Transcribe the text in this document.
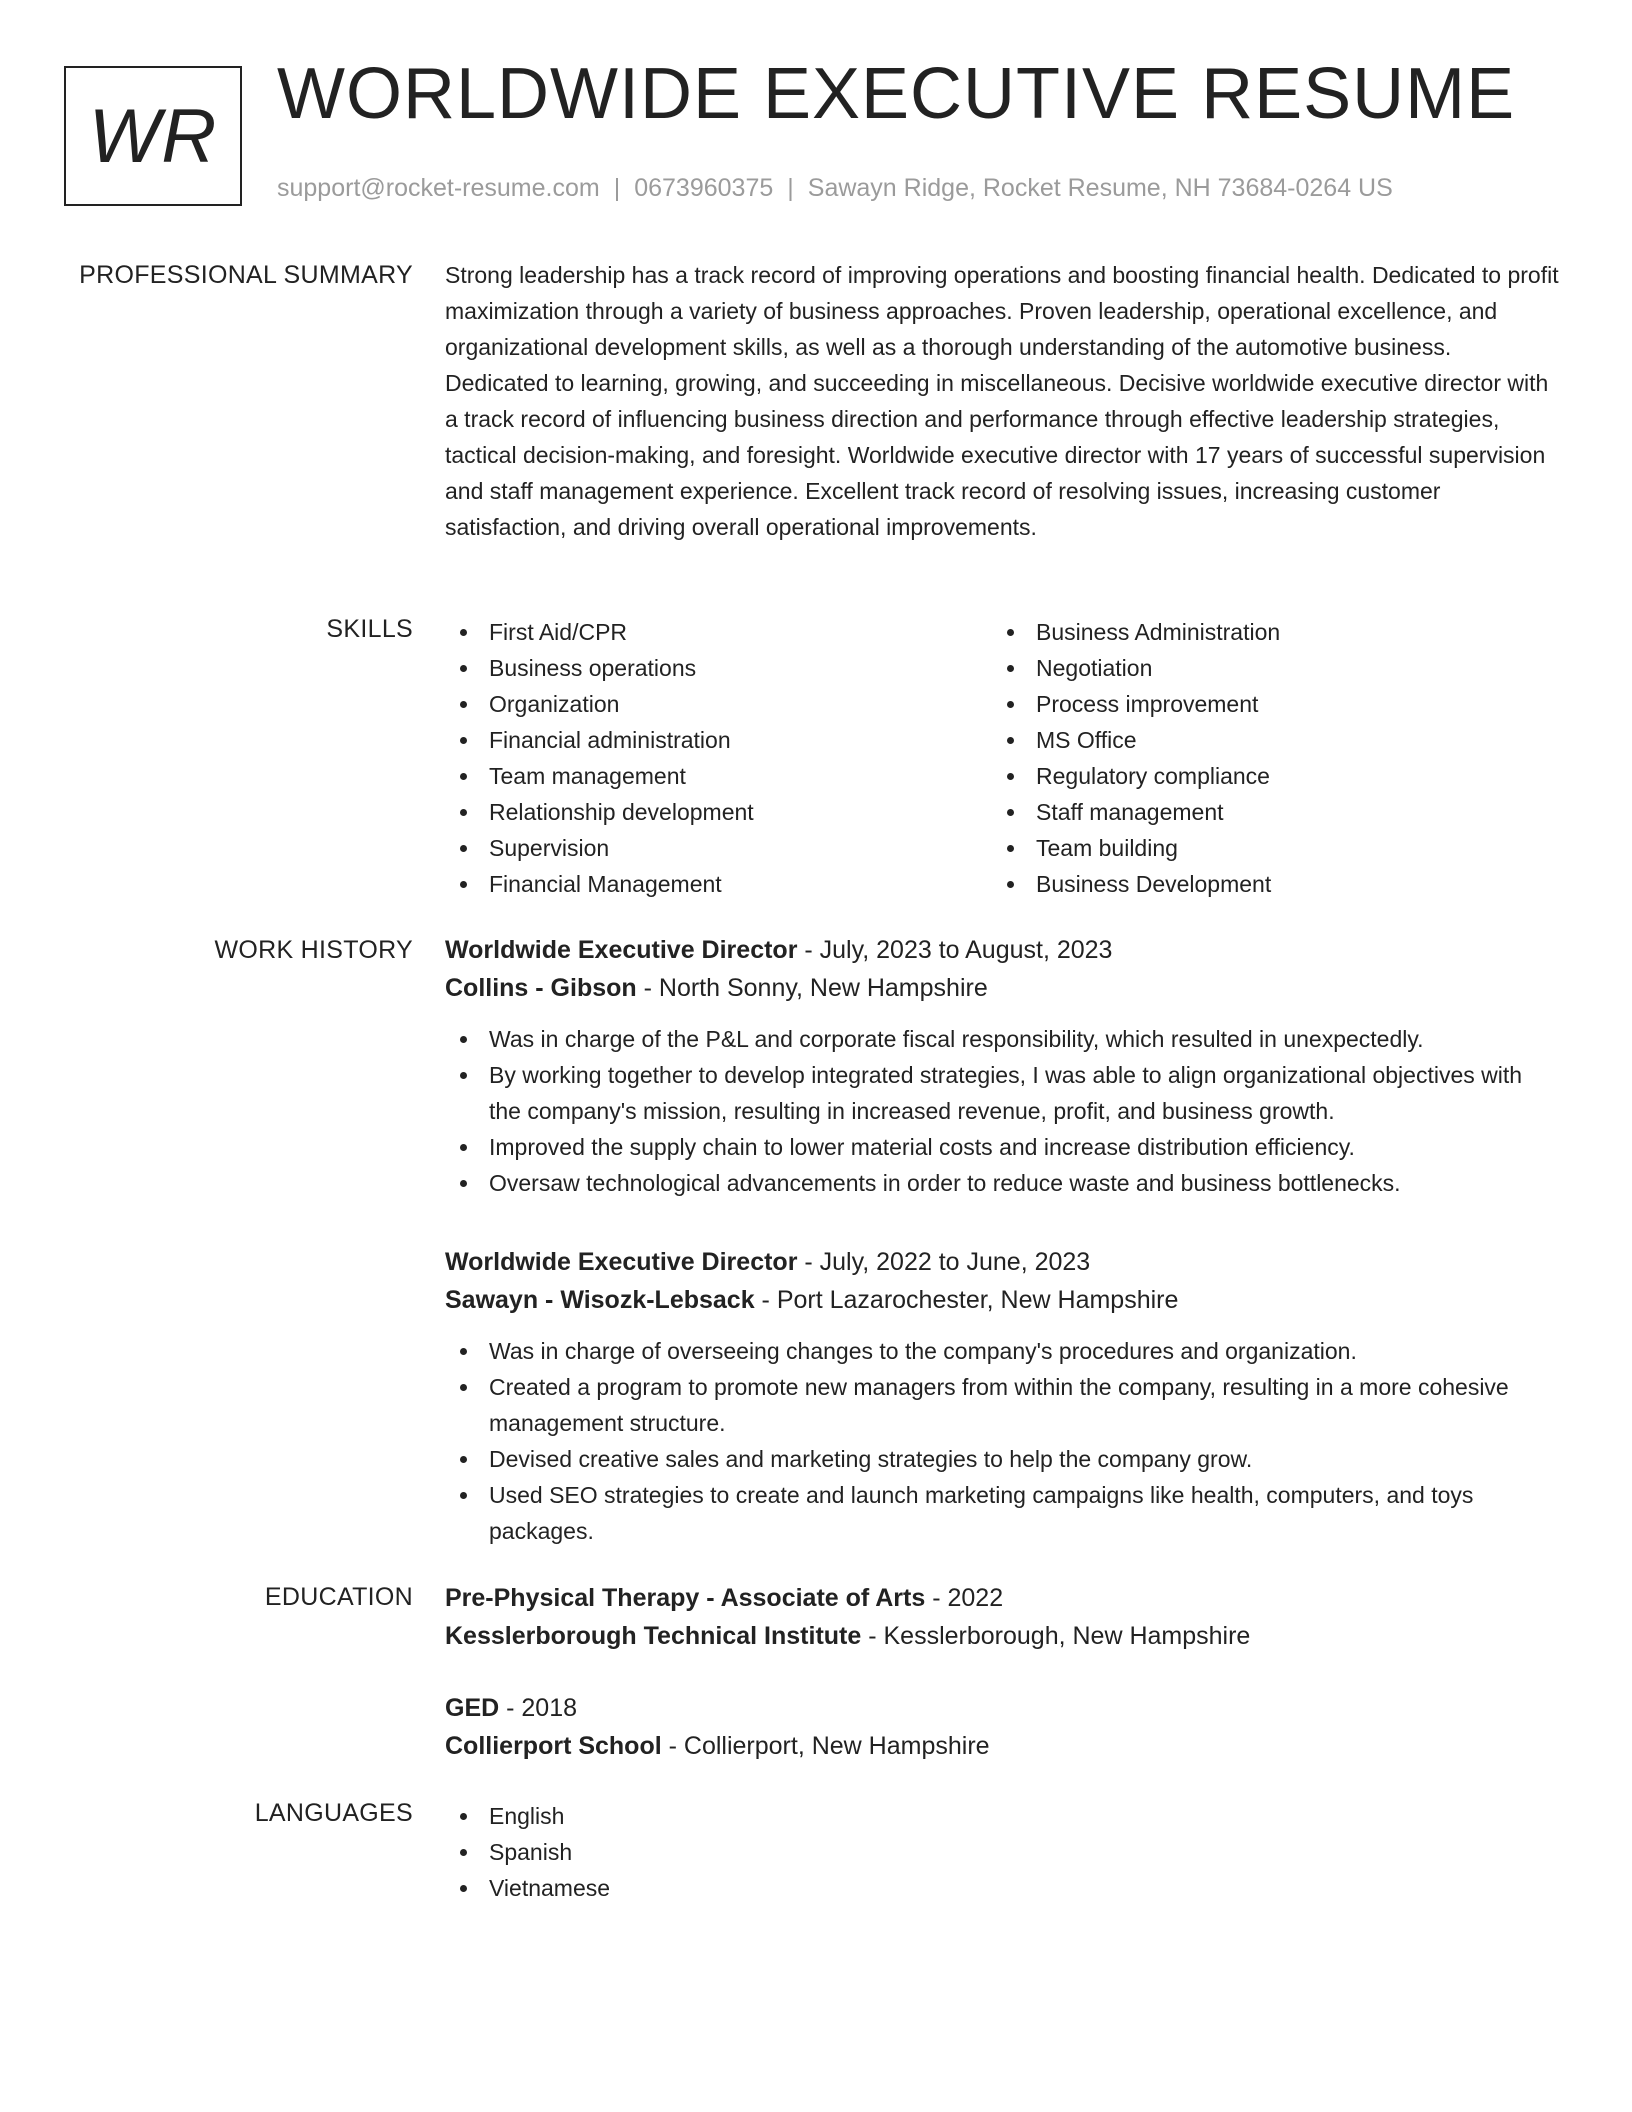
WR WORLDWIDE EXECUTIVE RESUME
support@rocket-resume.com | 0673960375 | Sawayn Ridge, Rocket Resume, NH 73684-0264 US
PROFESSIONAL SUMMARY Strong leadership has a track record of improving operations and boosting financial health. Dedicated to profit maximization through a variety of business approaches. Proven leadership, operational excellence, and organizational development skills, as well as a thorough understanding of the automotive business. Dedicated to learning, growing, and succeeding in miscellaneous. Decisive worldwide executive director with a track record of influencing business direction and performance through effective leadership strategies, tactical decision-making, and foresight. Worldwide executive director with 17 years of successful supervision and staff management experience. Excellent track record of resolving issues, increasing customer satisfaction, and driving overall operational improvements.

SKILLS	First Aid/CPR
Business operations
Organization
Financial administration
Team management
Relationship development
Supervision
Financial Management
Business Administration
Negotiation
Process improvement
MS Office
Regulatory compliance
Staff management
Team building
Business Development
WORK HISTORY Worldwide Executive Director - July, 2023 to August, 2023
Collins - Gibson - North Sonny, New Hampshire
Was in charge of the P&L and corporate fiscal responsibility, which resulted in unexpectedly.
By working together to develop integrated strategies, I was able to align organizational objectives with the company's mission, resulting in increased revenue, profit, and business growth.
Improved the supply chain to lower material costs and increase distribution efficiency.
Oversaw technological advancements in order to reduce waste and business bottlenecks.
Worldwide Executive Director - July, 2022 to June, 2023
Sawayn - Wisozk-Lebsack - Port Lazarochester, New Hampshire
Was in charge of overseeing changes to the company's procedures and organization.
Created a program to promote new managers from within the company, resulting in a more cohesive management structure.
Devised creative sales and marketing strategies to help the company grow.
Used SEO strategies to create and launch marketing campaigns like health, computers, and toys packages.
EDUCATION Pre-Physical Therapy - Associate of Arts - 2022
Kesslerborough Technical Institute - Kesslerborough, New Hampshire
GED - 2018
Collierport School - Collierport, New Hampshire
LANGUAGES	English
Spanish
Vietnamese
